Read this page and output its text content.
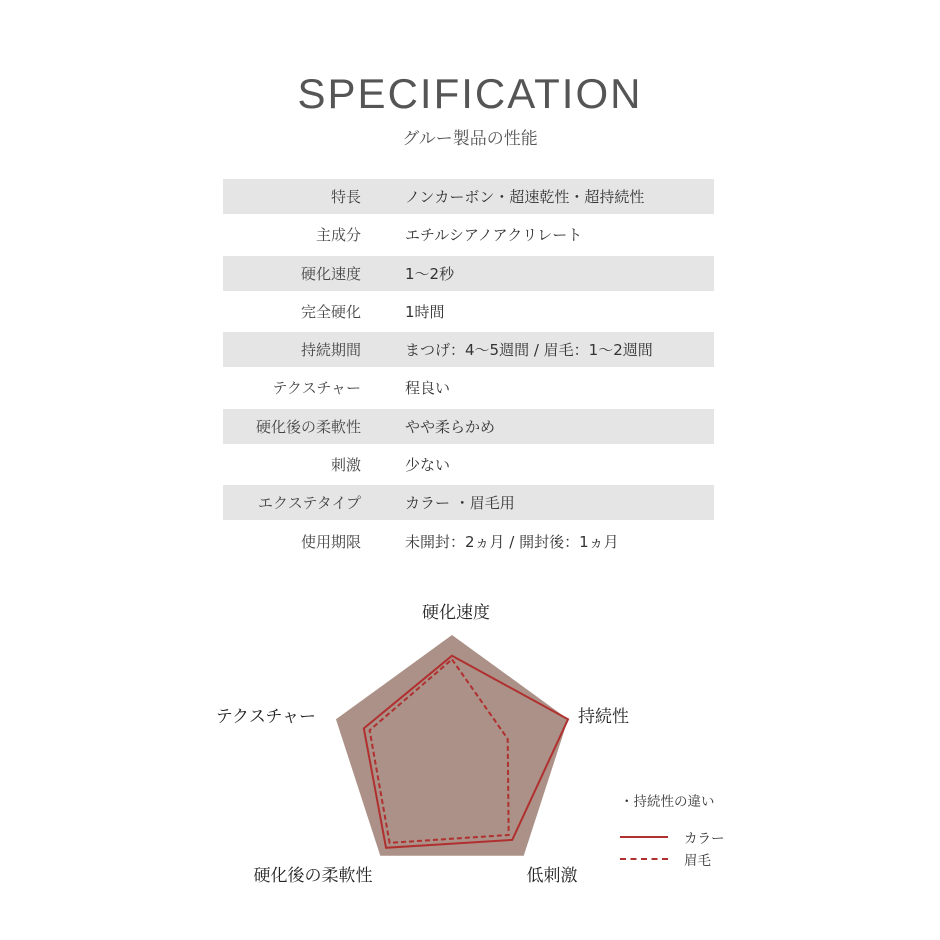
SPECIFICATION
グルー製品の性能
特長	ノンカーボン・超速乾性・超持続性
主成分	エチルシアノアクリレート
硬化速度	1〜2秒
完全硬化	1時間
持続期間	まつげ：4〜5週間 / 眉毛：1〜2週間
テクスチャー	程良い
硬化後の柔軟性	やや柔らかめ
刺激	少ない
エクステタイプ	カラー ・眉毛用
使用期限	未開封：2ヵ月 / 開封後：1ヵ月
硬化速度
持続性
低刺激
硬化後の柔軟性
テクスチャー
・持続性の違い
カラー
眉毛
